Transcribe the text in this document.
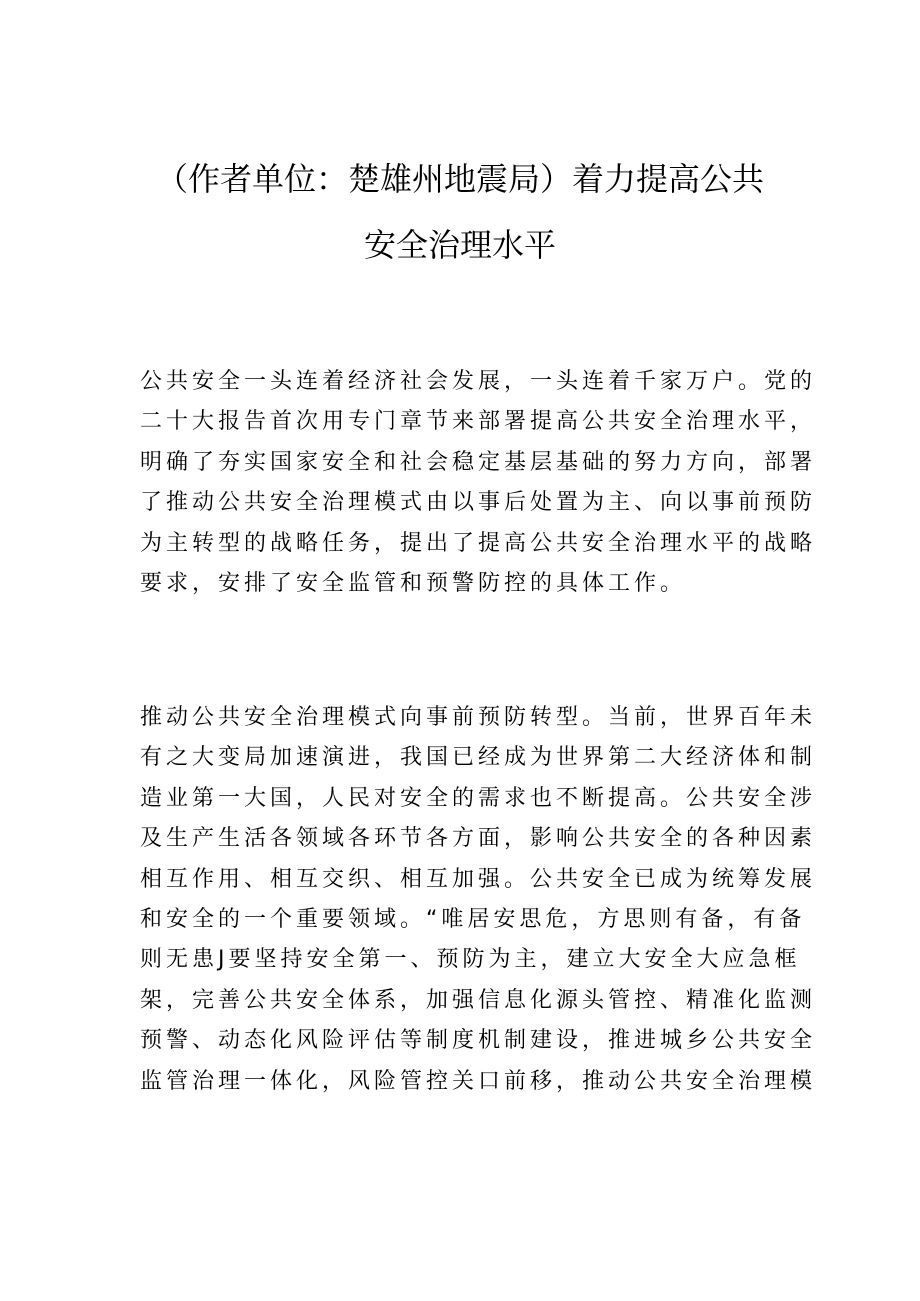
（作者单位：楚雄州地震局）着力提高公共
安全治理水平
公共安全一头连着经济社会发展，一头连着千家万户。党的
二十大报告首次用专门章节来部署提高公共安全治理水平，
明确了夯实国家安全和社会稳定基层基础的努力方向，部署
了推动公共安全治理模式由以事后处置为主、向以事前预防
为主转型的战略任务，提出了提高公共安全治理水平的战略
要求，安排了安全监管和预警防控的具体工作。
推动公共安全治理模式向事前预防转型。当前，世界百年未
有之大变局加速演进，我国已经成为世界第二大经济体和制
造业第一大国，人民对安全的需求也不断提高。公共安全涉
及生产生活各领域各环节各方面，影响公共安全的各种因素
相互作用、相互交织、相互加强。公共安全已成为统筹发展
和安全的一个重要领域。“唯居安思危，方思则有备，有备
则无患J要坚持安全第一、预防为主，建立大安全大应急框
架，完善公共安全体系，加强信息化源头管控、精准化监测
预警、动态化风险评估等制度机制建设，推进城乡公共安全
监管治理一体化，风险管控关口前移，推动公共安全治理模
